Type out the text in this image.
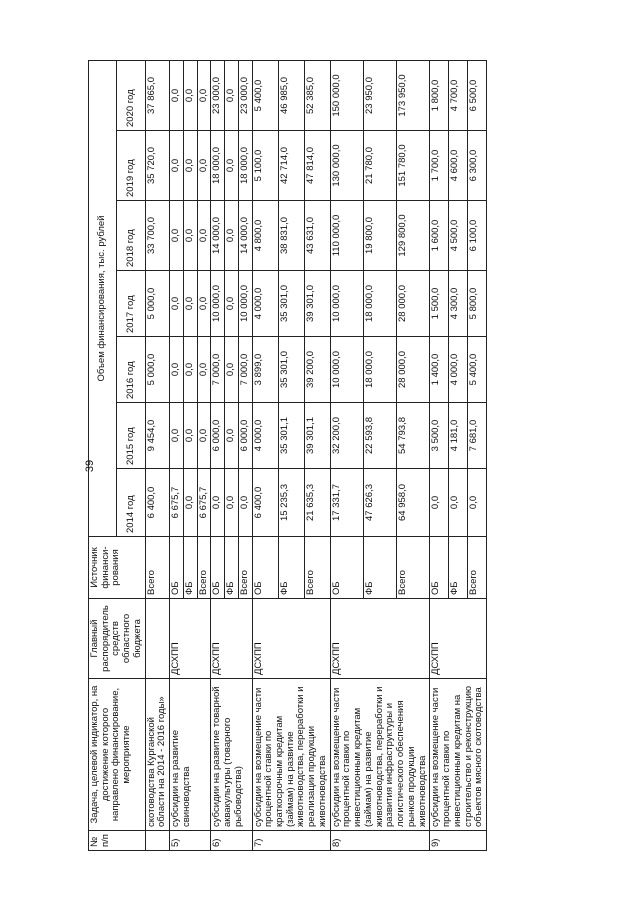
39
№ п/п	Задача, целевой индикатор, на достижение которого направлено финансирование, мероприятие	Главный распорядитель средств областного бюджета	Источник финанси-рования	Объем финансирования, тыс. рублей						
				2014 год	2015 год	2016 год	2017 год	2018 год	2019 год	2020 год
	скотоводства Курганской области на 2014 - 2016 годы»		Всего	6 400,0	9 454,0	5 000,0	5 000,0	33 700,0	35 720,0	37 865,0
5)	субсидии на развитие свиноводства	ДСХПП	ОБ	6 675,7	0,0	0,0	0,0	0,0	0,0	0,0
			ФБ	0,0	0,0	0,0	0,0	0,0	0,0	0,0
			Всего	6 675,7	0,0	0,0	0,0	0,0	0,0	0,0
6)	субсидии на развитие товарной аквакультуры (товарного рыбоводства)	ДСХПП	ОБ	0,0	6 000,0	7 000,0	10 000,0	14 000,0	18 000,0	23 000,0
			ФБ	0,0	0,0	0,0	0,0	0,0	0,0	0,0
			Всего	0,0	6 000,0	7 000,0	10 000,0	14 000,0	18 000,0	23 000,0
7)	субсидии на возмещение части процентной ставки по краткосрочным кредитам (займам) на развитие животноводства, переработки и реализации продукции животноводства	ДСХПП	ОБ	6 400,0	4 000,0	3 899,0	4 000,0	4 800,0	5 100,0	5 400,0
			ФБ	15 235,3	35 301,1	35 301,0	35 301,0	38 831,0	42 714,0	46 985,0
			Всего	21 635,3	39 301,1	39 200,0	39 301,0	43 631,0	47 814,0	52 385,0
8)	субсидии на возмещение части процентной ставки по инвестиционным кредитам (займам) на развитие животноводства, переработки и развития инфраструктуры и логистического обеспечения рынков продукции животноводства	ДСХПП	ОБ	17 331,7	32 200,0	10 000,0	10 000,0	110 000,0	130 000,0	150 000,0
			ФБ	47 626,3	22 593,8	18 000,0	18 000,0	19 800,0	21 780,0	23 950,0
			Всего	64 958,0	54 793,8	28 000,0	28 000,0	129 800,0	151 780,0	173 950,0
9)	субсидии на возмещение части процентной ставки по инвестиционным кредитам на строительство и реконструкцию объектов мясного скотоводства	ДСХПП	ОБ	0,0	3 500,0	1 400,0	1 500,0	1 600,0	1 700,0	1 800,0
			ФБ	0,0	4 181,0	4 000,0	4 300,0	4 500,0	4 600,0	4 700,0
			Всего	0,0	7 681,0	5 400,0	5 800,0	6 100,0	6 300,0	6 500,0
